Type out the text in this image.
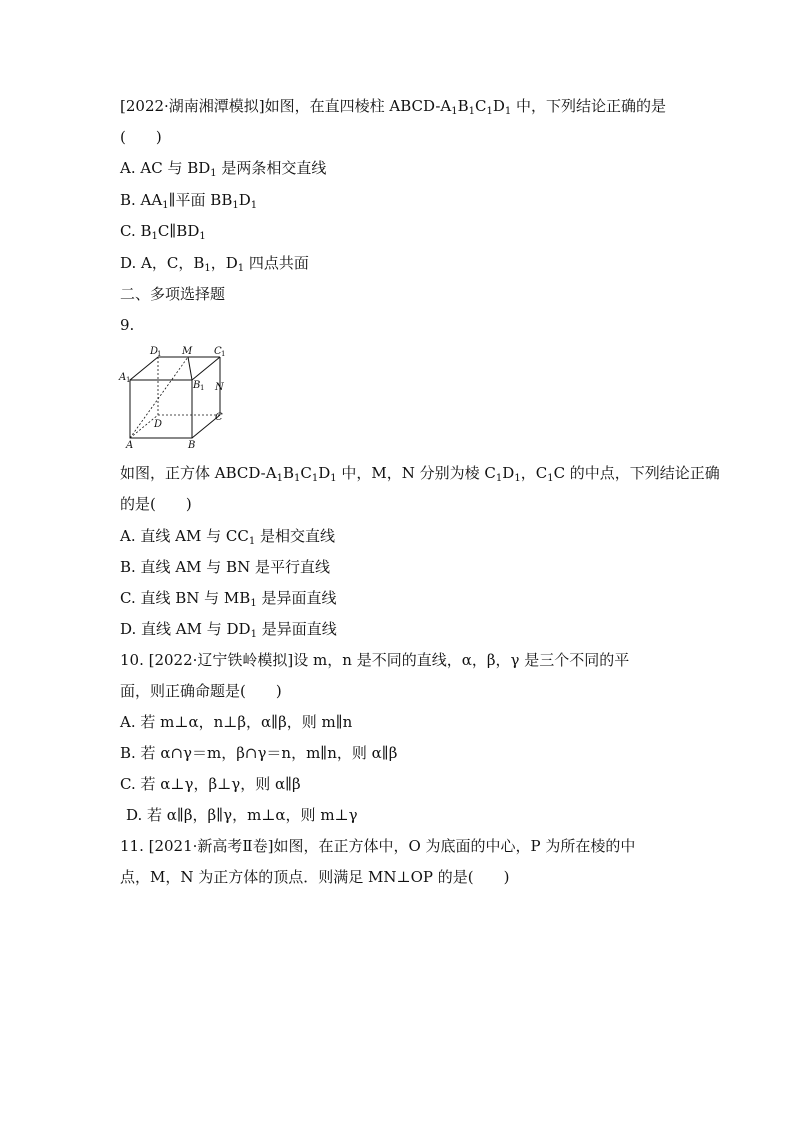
[2022·湖南湘潭模拟]如图，在直四棱柱 ABCD-$A_1B_1C_1D_1$ 中，下列结论正确的是
(　　)
A. AC 与 $BD_1$ 是两条相交直线
B. $AA_1\parallel$平面 $BB_1D_1$
C. $B_1C\parallel BD_1$
D. A，C，$B_1$，$D_1$ 四点共面
二、多项选择题
9.
D
1 M C 1
A 1	B 1 N
C
D
A	B
如图，正方体 ABCD-$A_1B_1C_1D_1$ 中，M，N 分别为棱 $C_1D_1$，$C_1C$ 的中点，下列结论正确
的是(　　)
A. 直线 AM 与 $CC_1$ 是相交直线
B. 直线 AM 与 BN 是平行直线
C. 直线 BN 与 $MB_1$ 是异面直线
D. 直线 AM 与 $DD_1$ 是异面直线
10. [2022·辽宁铁岭模拟]设 m，n 是不同的直线，α，β，γ 是三个不同的平
面，则正确命题是(　　)
A. 若 m⊥α，n⊥β，α∥β，则 m∥n
B. 若 α∩γ＝m，β∩γ＝n，m∥n，则 α∥β
C. 若 α⊥γ，β⊥γ，则 α∥β
D. 若 α∥β，β∥γ，m⊥α，则 m⊥γ
11. [2021·新高考Ⅱ卷]如图，在正方体中，O 为底面的中心，P 为所在棱的中
点，M，N 为正方体的顶点．则满足 MN⊥OP 的是(　　)
